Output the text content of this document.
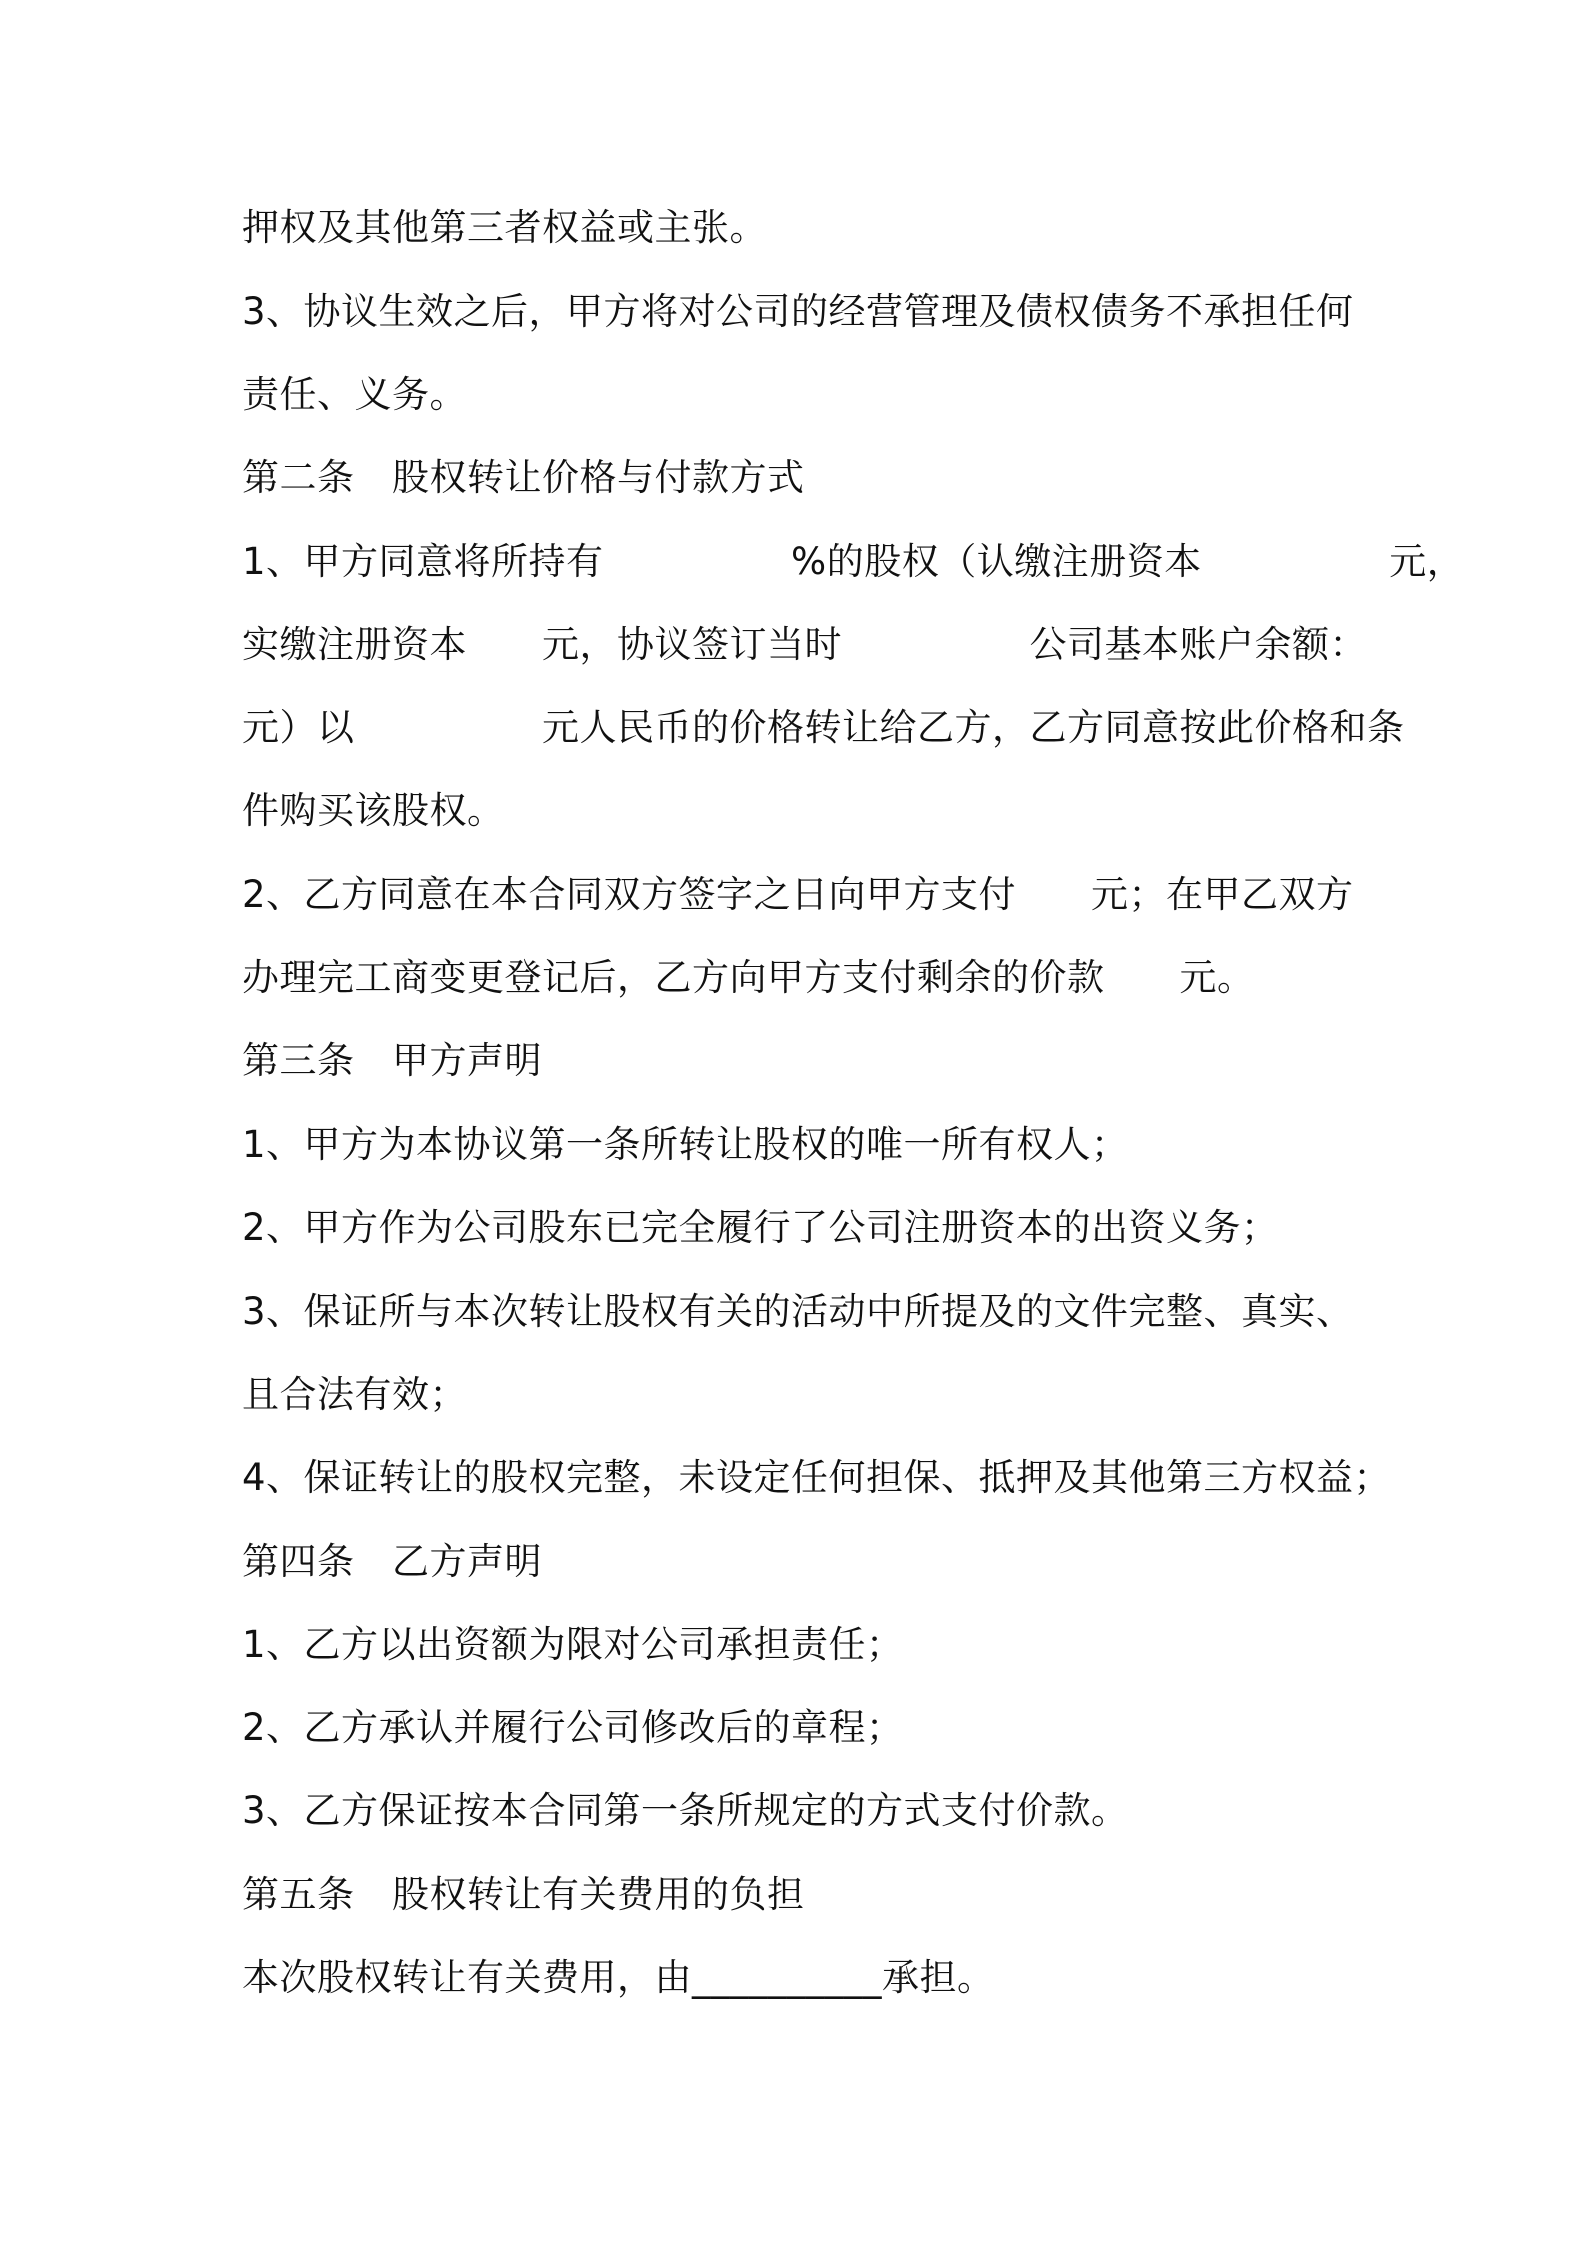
押权及其他第三者权益或主张。
3、协议生效之后，甲方将对公司的经营管理及债权债务不承担任何
责任、义务。
第二条　股权转让价格与付款方式
1、甲方同意将所持有　　　　　%的股权（认缴注册资本　　　　　元，
实缴注册资本　　元，协议签订当时　　　　　公司基本账户余额：
元）以　　　　　元人民币的价格转让给乙方，乙方同意按此价格和条
件购买该股权。
2、乙方同意在本合同双方签字之日向甲方支付　　元；在甲乙双方
办理完工商变更登记后，乙方向甲方支付剩余的价款　　元。
第三条　甲方声明
1、甲方为本协议第一条所转让股权的唯一所有权人；
2、甲方作为公司股东已完全履行了公司注册资本的出资义务；
3、保证所与本次转让股权有关的活动中所提及的文件完整、真实、
且合法有效；
4、保证转让的股权完整，未设定任何担保、抵押及其他第三方权益；
第四条　乙方声明
1、乙方以出资额为限对公司承担责任；
2、乙方承认并履行公司修改后的章程；
3、乙方保证按本合同第一条所规定的方式支付价款。
第五条　股权转让有关费用的负担
本次股权转让有关费用，由__________承担。
